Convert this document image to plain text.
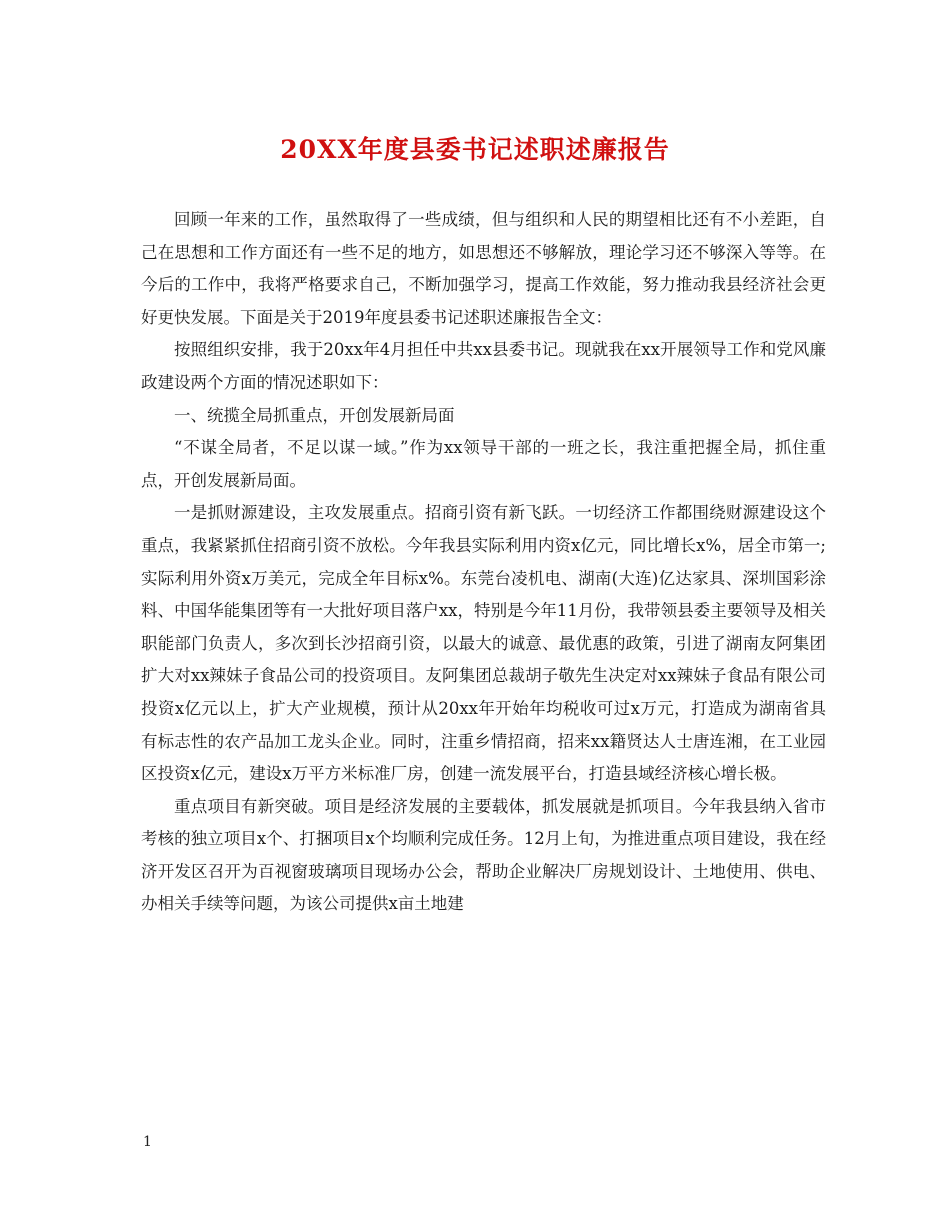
20XX年度县委书记述职述廉报告

回顾一年来的工作，虽然取得了一些成绩，但与组织和人民的期望相比还有不小差距，自己在思想和工作方面还有一些不足的地方，如思想还不够解放，理论学习还不够深入等等。在今后的工作中，我将严格要求自己，不断加强学习，提高工作效能，努力推动我县经济社会更好更快发展。下面是关于2019年度县委书记述职述廉报告全文：

按照组织安排，我于20xx年4月担任中共xx县委书记。现就我在xx开展领导工作和党风廉政建设两个方面的情况述职如下：

一、统揽全局抓重点，开创发展新局面

“不谋全局者，不足以谋一域。”作为xx领导干部的一班之长，我注重把握全局，抓住重点，开创发展新局面。

一是抓财源建设，主攻发展重点。招商引资有新飞跃。一切经济工作都围绕财源建设这个重点，我紧紧抓住招商引资不放松。今年我县实际利用内资x亿元，同比增长x%，居全市第一;实际利用外资x万美元，完成全年目标x%。东莞台凌机电、湖南(大连)亿达家具、深圳国彩涂料、中国华能集团等有一大批好项目落户xx，特别是今年11月份，我带领县委主要领导及相关职能部门负责人，多次到长沙招商引资，以最大的诚意、最优惠的政策，引进了湖南友阿集团扩大对xx辣妹子食品公司的投资项目。友阿集团总裁胡子敬先生决定对xx辣妹子食品有限公司投资x亿元以上，扩大产业规模，预计从20xx年开始年均税收可过x万元，打造成为湖南省具有标志性的农产品加工龙头企业。同时，注重乡情招商，招来xx籍贤达人士唐连湘，在工业园区投资x亿元，建设x万平方米标准厂房，创建一流发展平台，打造县域经济核心增长极。

重点项目有新突破。项目是经济发展的主要载体，抓发展就是抓项目。今年我县纳入省市考核的独立项目x个、打捆项目x个均顺利完成任务。12月上旬，为推进重点项目建设，我在经济开发区召开为百视窗玻璃项目现场办公会，帮助企业解决厂房规划设计、土地使用、供电、办相关手续等问题，为该公司提供x亩土地建

1
